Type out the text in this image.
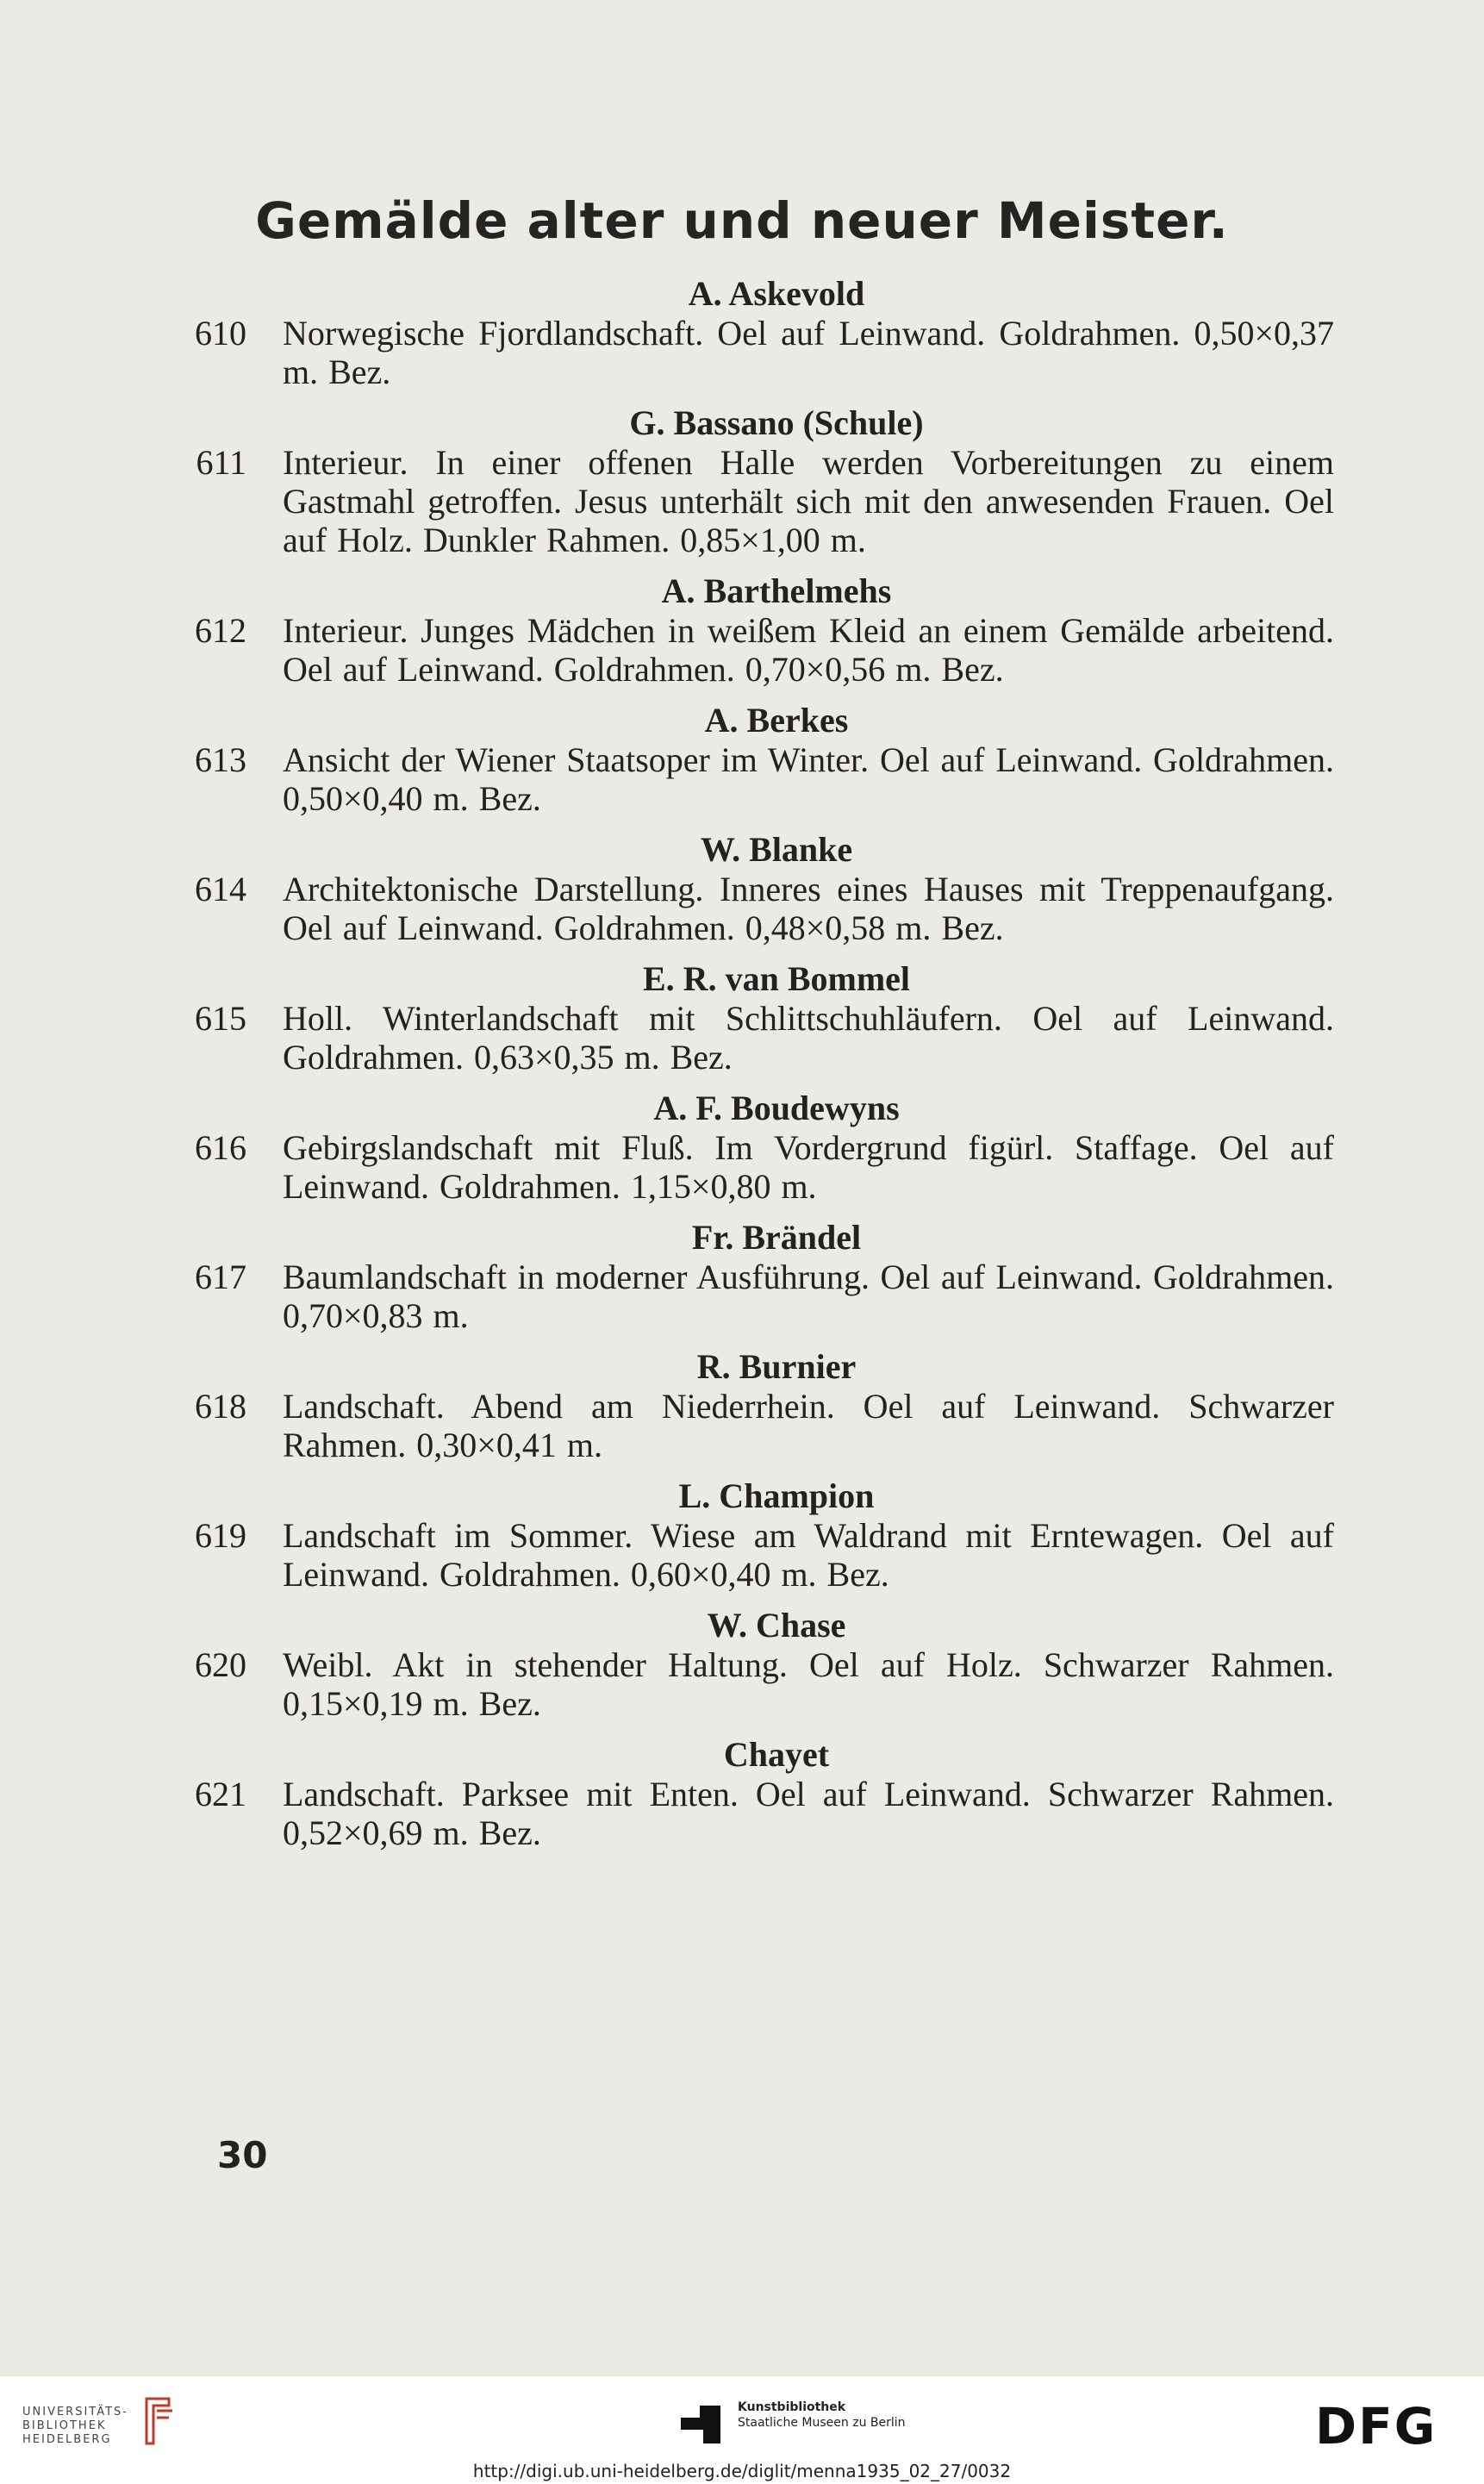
Gemälde alter und neuer Meister.

A. Askevold

610	Norwegische Fjordlandschaft. Oel auf Leinwand. Goldrahmen. 0,50×0,37 m. Bez.

G. Bassano (Schule)

611	Interieur. In einer offenen Halle werden Vorbereitungen zu einem Gastmahl getroffen. Jesus unterhält sich mit den anwesenden Frauen. Oel auf Holz. Dunkler Rahmen. 0,85×1,00 m.

A. Barthelmehs

612	Interieur. Junges Mädchen in weißem Kleid an einem Gemälde arbeitend. Oel auf Leinwand. Goldrahmen. 0,70×0,56 m. Bez.

A. Berkes

613	Ansicht der Wiener Staatsoper im Winter. Oel auf Leinwand. Goldrahmen. 0,50×0,40 m. Bez.

W. Blanke

614	Architektonische Darstellung. Inneres eines Hauses mit Treppenaufgang. Oel auf Leinwand. Goldrahmen. 0,48×0,58 m. Bez.

E. R. van Bommel

615	Holl. Winterlandschaft mit Schlittschuhläufern. Oel auf Leinwand. Goldrahmen. 0,63×0,35 m. Bez.

A. F. Boudewyns

616	Gebirgslandschaft mit Fluß. Im Vordergrund figürl. Staffage. Oel auf Leinwand. Goldrahmen. 1,15×0,80 m.

Fr. Brändel

617	Baumlandschaft in moderner Ausführung. Oel auf Leinwand. Goldrahmen. 0,70×0,83 m.

R. Burnier

618	Landschaft. Abend am Niederrhein. Oel auf Leinwand. Schwarzer Rahmen. 0,30×0,41 m.

L. Champion

619	Landschaft im Sommer. Wiese am Waldrand mit Erntewagen. Oel auf Leinwand. Goldrahmen. 0,60×0,40 m. Bez.

W. Chase

620	Weibl. Akt in stehender Haltung. Oel auf Holz. Schwarzer Rahmen. 0,15×0,19 m. Bez.

Chayet

621	Landschaft. Parksee mit Enten. Oel auf Leinwand. Schwarzer Rahmen. 0,52×0,69 m. Bez.
30
UNIVERSITÄTS-
BIBLIOTHEK
HEIDELBERG
Kunstbibliothek
Staatliche Museen zu Berlin	DFG
http://digi.ub.uni-heidelberg.de/diglit/menna1935_02_27/0032
